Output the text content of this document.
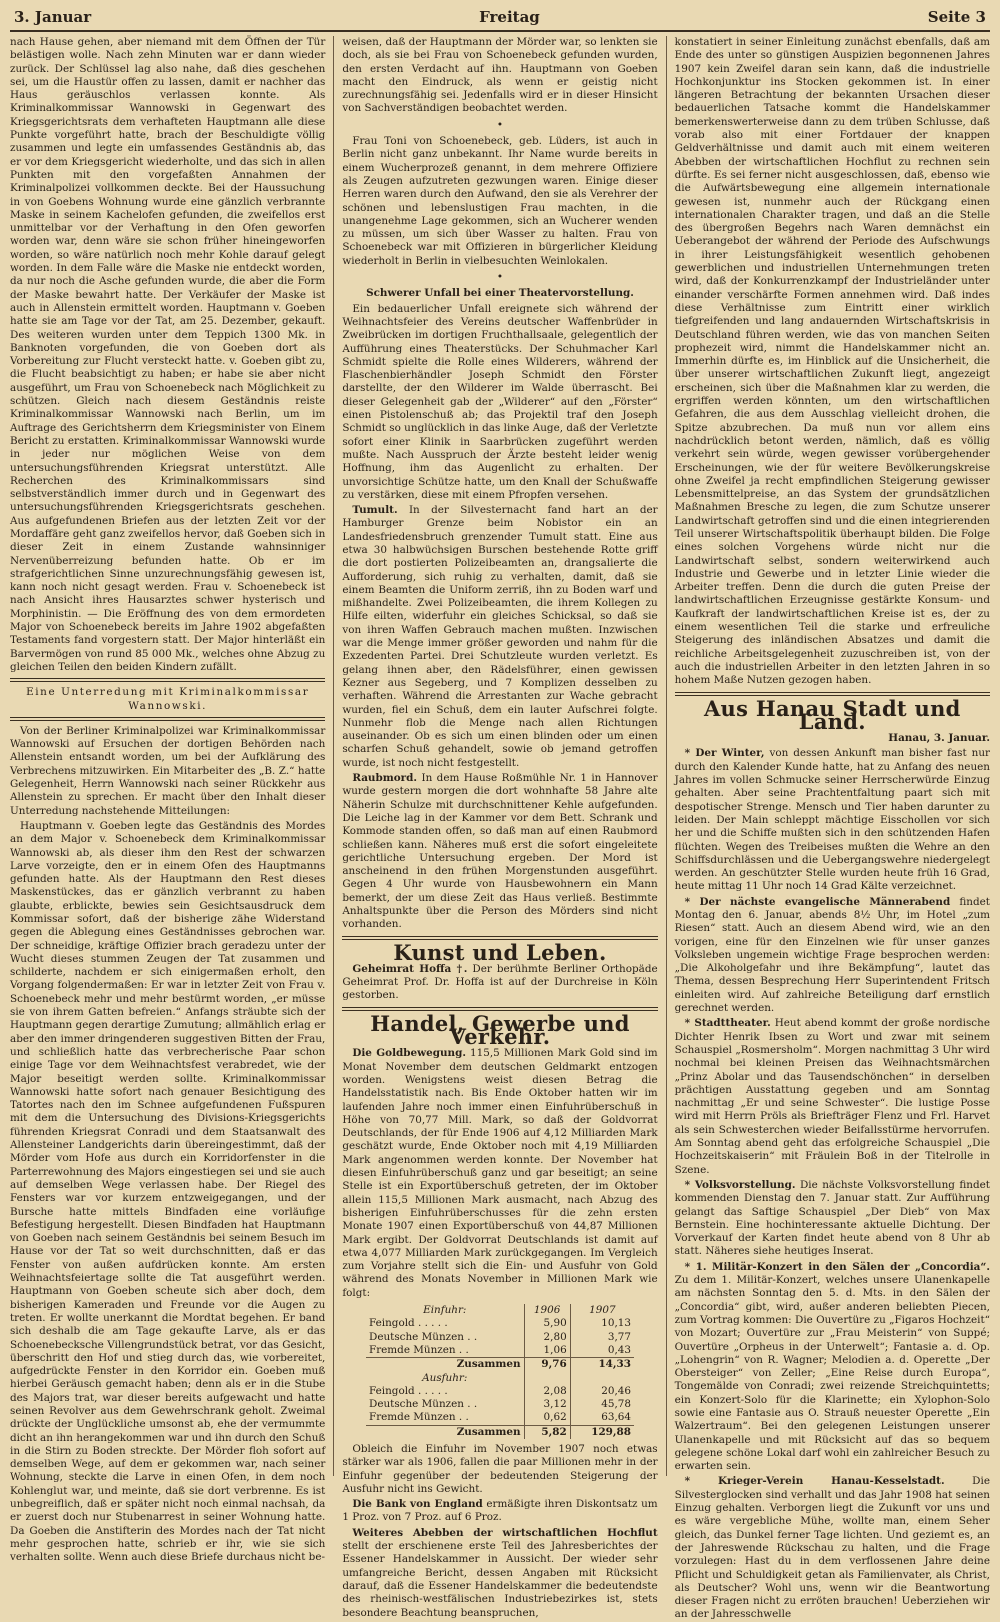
3. Januar	Freitag	Seite 3

nach Hause gehen, aber niemand mit dem Öffnen der Tür belästigen wolle. Nach zehn Minuten war er dann wieder zurück. Der Schlüssel lag also nahe, daß dies geschehen sei, um die Haustür offen zu lassen, damit er nachher das Haus geräuschlos verlassen konnte. Als Kriminalkommissar Wannowski in Gegenwart des Kriegsgerichtsrats dem verhafteten Hauptmann alle diese Punkte vorgeführt hatte, brach der Beschuldigte völlig zusammen und legte ein umfassendes Geständnis ab, das er vor dem Kriegsgericht wiederholte, und das sich in allen Punkten mit den vorgefaßten Annahmen der Kriminalpolizei vollkommen deckte. Bei der Haussuchung in von Goebens Wohnung wurde eine gänzlich verbrannte Maske in seinem Kachelofen gefunden, die zweifellos erst unmittelbar vor der Verhaftung in den Ofen geworfen worden war, denn wäre sie schon früher hineingeworfen worden, so wäre natürlich noch mehr Kohle darauf gelegt worden. In dem Falle wäre die Maske nie entdeckt worden, da nur noch die Asche gefunden wurde, die aber die Form der Maske bewahrt hatte. Der Verkäufer der Maske ist auch in Allenstein ermittelt worden. Hauptmann v. Goeben hatte sie am Tage vor der Tat, am 25. Dezember, gekauft. Des weiteren wurden unter dem Teppich 1300 Mk. in Banknoten vorgefunden, die von Goeben dort als Vorbereitung zur Flucht versteckt hatte. v. Goeben gibt zu, die Flucht beabsichtigt zu haben; er habe sie aber nicht ausgeführt, um Frau von Schoenebeck nach Möglichkeit zu schützen. Gleich nach diesem Geständnis reiste Kriminalkommissar Wannowski nach Berlin, um im Auftrage des Gerichtsherrn dem Kriegsminister von Einem Bericht zu erstatten. Kriminalkommissar Wannowski wurde in jeder nur möglichen Weise von dem untersuchungsführenden Kriegsrat unterstützt. Alle Recherchen des Kriminalkommissars sind selbstverständlich immer durch und in Gegenwart des untersuchungsführenden Kriegsgerichtsrats geschehen. Aus aufgefundenen Briefen aus der letzten Zeit vor der Mordaffäre geht ganz zweifellos hervor, daß Goeben sich in dieser Zeit in einem Zustande wahnsinniger Nervenüberreizung befunden hatte. Ob er im strafgerichtlichen Sinne unzurechnungsfähig gewesen ist, kann noch nicht gesagt werden. Frau v. Schoenebeck ist nach Ansicht ihres Hausarztes schwer hysterisch und Morphinistin. — Die Eröffnung des von dem ermordeten Major von Schoenebeck bereits im Jahre 1902 abgefaßten Testaments fand vorgestern statt. Der Major hinterläßt ein Barvermögen von rund 85 000 Mk., welches ohne Abzug zu gleichen Teilen den beiden Kindern zufällt.

Eine Unterredung mit Kriminalkommissar Wannowski.

Von der Berliner Kriminalpolizei war Kriminalkommissar Wannowski auf Ersuchen der dortigen Behörden nach Allenstein entsandt worden, um bei der Aufklärung des Verbrechens mitzuwirken. Ein Mitarbeiter des „B. Z.“ hatte Gelegenheit, Herrn Wannowski nach seiner Rückkehr aus Allenstein zu sprechen. Er macht über den Inhalt dieser Unterredung nachstehende Mitteilungen:

Hauptmann v. Goeben legte das Geständnis des Mordes an dem Major v. Schoenebeck dem Kriminalkommissar Wannowski ab, als dieser ihm den Rest der schwarzen Larve vorzeigte, den er in einem Ofen des Hauptmanns gefunden hatte. Als der Hauptmann den Rest dieses Maskenstückes, das er gänzlich verbrannt zu haben glaubte, erblickte, bewies sein Gesichtsausdruck dem Kommissar sofort, daß der bisherige zähe Widerstand gegen die Ablegung eines Geständnisses gebrochen war. Der schneidige, kräftige Offizier brach geradezu unter der Wucht dieses stummen Zeugen der Tat zusammen und schilderte, nachdem er sich einigermaßen erholt, den Vorgang folgendermaßen: Er war in letzter Zeit von Frau v. Schoenebeck mehr und mehr bestürmt worden, „er müsse sie von ihrem Gatten befreien.“ Anfangs sträubte sich der Hauptmann gegen derartige Zumutung; allmählich erlag er aber den immer dringenderen suggestiven Bitten der Frau, und schließlich hatte das verbrecherische Paar schon einige Tage vor dem Weihnachtsfest verabredet, wie der Major beseitigt werden sollte. Kriminalkommissar Wannowski hatte sofort nach genauer Besichtigung des Tatortes nach den im Schnee aufgefundenen Fußspuren mit dem die Untersuchung des Divisions-Kriegsgerichts führenden Kriegsrat Conradi und dem Staatsanwalt des Allensteiner Landgerichts darin übereingestimmt, daß der Mörder vom Hofe aus durch ein Korridorfenster in die Parterrewohnung des Majors eingestiegen sei und sie auch auf demselben Wege verlassen habe. Der Riegel des Fensters war vor kurzem entzweigegangen, und der Bursche hatte mittels Bindfaden eine vorläufige Befestigung hergestellt. Diesen Bindfaden hat Hauptmann von Goeben nach seinem Geständnis bei seinem Besuch im Hause vor der Tat so weit durchschnitten, daß er das Fenster von außen aufdrücken konnte. Am ersten Weihnachtsfeiertage sollte die Tat ausgeführt werden. Hauptmann von Goeben scheute sich aber doch, dem bisherigen Kameraden und Freunde vor die Augen zu treten. Er wollte unerkannt die Mordtat begehen. Er band sich deshalb die am Tage gekaufte Larve, als er das Schoenebecksche Villengrundstück betrat, vor das Gesicht, überschritt den Hof und stieg durch das, wie vorbereitet, aufgedrückte Fenster in den Korridor ein. Goeben muß hierbei Geräusch gemacht haben; denn als er in die Stube des Majors trat, war dieser bereits aufgewacht und hatte seinen Revolver aus dem Gewehrschrank geholt. Zweimal drückte der Unglückliche umsonst ab, ehe der vermummte dicht an ihn herangekommen war und ihn durch den Schuß in die Stirn zu Boden streckte. Der Mörder floh sofort auf demselben Wege, auf dem er gekommen war, nach seiner Wohnung, steckte die Larve in einen Ofen, in dem noch Kohlenglut war, und meinte, daß sie dort verbrenne. Es ist unbegreiflich, daß er später nicht noch einmal nachsah, da er zuerst doch nur Stubenarrest in seiner Wohnung hatte. Da Goeben die Anstifterin des Mordes nach der Tat nicht mehr gesprochen hatte, schrieb er ihr, wie sie sich verhalten sollte. Wenn auch diese Briefe durchaus nicht be-

weisen, daß der Hauptmann der Mörder war, so lenkten sie doch, als sie bei Frau von Schoenebeck gefunden wurden, den ersten Verdacht auf ihn. Hauptmann von Goeben macht den Eindruck, als wenn er geistig nicht zurechnungsfähig sei. Jedenfalls wird er in dieser Hinsicht von Sachverständigen beobachtet werden.

•

Frau Toni von Schoenebeck, geb. Lüders, ist auch in Berlin nicht ganz unbekannt. Ihr Name wurde bereits in einem Wucherprozeß genannt, in dem mehrere Offiziere als Zeugen aufzutreten gezwungen waren. Einige dieser Herren waren durch den Aufwand, den sie als Verehrer der schönen und lebenslustigen Frau machten, in die unangenehme Lage gekommen, sich an Wucherer wenden zu müssen, um sich über Wasser zu halten. Frau von Schoenebeck war mit Offizieren in bürgerlicher Kleidung wiederholt in Berlin in vielbesuchten Weinlokalen.

•

Schwerer Unfall bei einer Theatervorstellung.

Ein bedauerlicher Unfall ereignete sich während der Weihnachtsfeier des Vereins deutscher Waffenbrüder in Zweibrücken im dortigen Fruchthallsaale, gelegentlich der Aufführung eines Theaterstücks. Der Schuhmacher Karl Schmidt spielte die Rolle eines Wilderers, während der Flaschenbierhändler Joseph Schmidt den Förster darstellte, der den Wilderer im Walde überrascht. Bei dieser Gelegenheit gab der „Wilderer“ auf den „Förster“ einen Pistolenschuß ab; das Projektil traf den Joseph Schmidt so unglücklich in das linke Auge, daß der Verletzte sofort einer Klinik in Saarbrücken zugeführt werden mußte. Nach Ausspruch der Ärzte besteht leider wenig Hoffnung, ihm das Augenlicht zu erhalten. Der unvorsichtige Schütze hatte, um den Knall der Schußwaffe zu verstärken, diese mit einem Pfropfen versehen.

Tumult. In der Silvesternacht fand hart an der Hamburger Grenze beim Nobistor ein an Landesfriedensbruch grenzender Tumult statt. Eine aus etwa 30 halbwüchsigen Burschen bestehende Rotte griff die dort postierten Polizeibeamten an, drangsalierte die Aufforderung, sich ruhig zu verhalten, damit, daß sie einem Beamten die Uniform zerriß, ihn zu Boden warf und mißhandelte. Zwei Polizeibeamten, die ihrem Kollegen zu Hilfe eilten, widerfuhr ein gleiches Schicksal, so daß sie von ihren Waffen Gebrauch machen mußten. Inzwischen war die Menge immer größer geworden und nahm für die Exzedenten Partei. Drei Schutzleute wurden verletzt. Es gelang ihnen aber, den Rädelsführer, einen gewissen Kezner aus Segeberg, und 7 Komplizen desselben zu verhaften. Während die Arrestanten zur Wache gebracht wurden, fiel ein Schuß, dem ein lauter Aufschrei folgte. Nunmehr flob die Menge nach allen Richtungen auseinander. Ob es sich um einen blinden oder um einen scharfen Schuß gehandelt, sowie ob jemand getroffen wurde, ist noch nicht festgestellt.

Raubmord. In dem Hause Roßmühle Nr. 1 in Hannover wurde gestern morgen die dort wohnhafte 58 Jahre alte Näherin Schulze mit durchschnittener Kehle aufgefunden. Die Leiche lag in der Kammer vor dem Bett. Schrank und Kommode standen offen, so daß man auf einen Raubmord schließen kann. Näheres muß erst die sofort eingeleitete gerichtliche Untersuchung ergeben. Der Mord ist anscheinend in den frühen Morgenstunden ausgeführt. Gegen 4 Uhr wurde von Hausbewohnern ein Mann bemerkt, der um diese Zeit das Haus verließ. Bestimmte Anhaltspunkte über die Person des Mörders sind nicht vorhanden.

Kunst und Leben.

Geheimrat Hoffa †. Der berühmte Berliner Orthopäde Geheimrat Prof. Dr. Hoffa ist auf der Durchreise in Köln gestorben.

Handel, Gewerbe und Verkehr.

Die Goldbewegung. 115,5 Millionen Mark Gold sind im Monat November dem deutschen Geldmarkt entzogen worden. Wenigstens weist diesen Betrag die Handelsstatistik nach. Bis Ende Oktober hatten wir im laufenden Jahre noch immer einen Einfuhrüberschuß in Höhe von 70,77 Mill. Mark, so daß der Goldvorrat Deutschlands, der für Ende 1906 auf 4,12 Milliarden Mark geschätzt wurde, Ende Oktober noch mit 4,19 Milliarden Mark angenommen werden konnte. Der November hat diesen Einfuhrüberschuß ganz und gar beseitigt; an seine Stelle ist ein Exportüberschuß getreten, der im Oktober allein 115,5 Millionen Mark ausmacht, nach Abzug des bisherigen Einfuhrüberschusses für die zehn ersten Monate 1907 einen Exportüberschuß von 44,87 Millionen Mark ergibt. Der Goldvorrat Deutschlands ist damit auf etwa 4,077 Milliarden Mark zurückgegangen. Im Vergleich zum Vorjahre stellt sich die Ein- und Ausfuhr von Gold während des Monats November in Millionen Mark wie folgt:

Einfuhr:	1906	1907
Feingold . . . . .	5,90	10,13
Deutsche Münzen . .	2,80	3,77
Fremde Münzen . .	1,06	0,43
Zusammen	9,76	14,33
Ausfuhr:		
Feingold . . . . .	2,08	20,46
Deutsche Münzen . .	3,12	45,78
Fremde Münzen . .	0,62	63,64
Zusammen	5,82	129,88

Obleich die Einfuhr im November 1907 noch etwas stärker war als 1906, fallen die paar Millionen mehr in der Einfuhr gegenüber der bedeutenden Steigerung der Ausfuhr nicht ins Gewicht.

Die Bank von England ermäßigte ihren Diskontsatz um 1 Proz. von 7 Proz. auf 6 Proz.

Weiteres Abebben der wirtschaftlichen Hochflut stellt der erschienene erste Teil des Jahresberichtes der Essener Handelskammer in Aussicht. Der wieder sehr umfangreiche Bericht, dessen Angaben mit Rücksicht darauf, daß die Essener Handelskammer die bedeutendste des rheinisch-westfälischen Industriebezirkes ist, stets besondere Beachtung beanspruchen,

konstatiert in seiner Einleitung zunächst ebenfalls, daß am Ende des unter so günstigen Auspizien begonnenen Jahres 1907 kein Zweifel daran sein kann, daß die industrielle Hochkonjunktur ins Stocken gekommen ist. In einer längeren Betrachtung der bekannten Ursachen dieser bedauerlichen Tatsache kommt die Handelskammer bemerkenswerterweise dann zu dem trüben Schlusse, daß vorab also mit einer Fortdauer der knappen Geldverhältnisse und damit auch mit einem weiteren Abebben der wirtschaftlichen Hochflut zu rechnen sein dürfte. Es sei ferner nicht ausgeschlossen, daß, ebenso wie die Aufwärtsbewegung eine allgemein internationale gewesen ist, nunmehr auch der Rückgang einen internationalen Charakter tragen, und daß an die Stelle des übergroßen Begehrs nach Waren demnächst ein Ueberangebot der während der Periode des Aufschwungs in ihrer Leistungsfähigkeit wesentlich gehobenen gewerblichen und industriellen Unternehmungen treten wird, daß der Konkurrenzkampf der Industrieländer unter einander verschärfte Formen annehmen wird. Daß indes diese Verhältnisse zum Eintritt einer wirklich tiefgreifenden und lang andauernden Wirtschaftskrisis in Deutschland führen werden, wie das von manchen Seiten prophezeit wird, nimmt die Handelskammer nicht an. Immerhin dürfte es, im Hinblick auf die Unsicherheit, die über unserer wirtschaftlichen Zukunft liegt, angezeigt erscheinen, sich über die Maßnahmen klar zu werden, die ergriffen werden könnten, um den wirtschaftlichen Gefahren, die aus dem Ausschlag vielleicht drohen, die Spitze abzubrechen. Da muß nun vor allem eins nachdrücklich betont werden, nämlich, daß es völlig verkehrt sein würde, wegen gewisser vorübergehender Erscheinungen, wie der für weitere Bevölkerungskreise ohne Zweifel ja recht empfindlichen Steigerung gewisser Lebensmittelpreise, an das System der grundsätzlichen Maßnahmen Bresche zu legen, die zum Schutze unserer Landwirtschaft getroffen sind und die einen integrierenden Teil unserer Wirtschaftspolitik überhaupt bilden. Die Folge eines solchen Vorgehens würde nicht nur die Landwirtschaft selbst, sondern weiterwirkend auch Industrie und Gewerbe und in letzter Linie wieder die Arbeiter treffen. Denn die durch die guten Preise der landwirtschaftlichen Erzeugnisse gestärkte Konsum- und Kaufkraft der landwirtschaftlichen Kreise ist es, der zu einem wesentlichen Teil die starke und erfreuliche Steigerung des inländischen Absatzes und damit die reichliche Arbeitsgelegenheit zuzuschreiben ist, von der auch die industriellen Arbeiter in den letzten Jahren in so hohem Maße Nutzen gezogen haben.

Aus Hanau Stadt und Land.

Hanau, 3. Januar.

* Der Winter, von dessen Ankunft man bisher fast nur durch den Kalender Kunde hatte, hat zu Anfang des neuen Jahres im vollen Schmucke seiner Herrscherwürde Einzug gehalten. Aber seine Prachtentfaltung paart sich mit despotischer Strenge. Mensch und Tier haben darunter zu leiden. Der Main schleppt mächtige Eisschollen vor sich her und die Schiffe mußten sich in den schützenden Hafen flüchten. Wegen des Treibeises mußten die Wehre an den Schiffsdurchlässen und die Uebergangswehre niedergelegt werden. An geschützter Stelle wurden heute früh 16 Grad, heute mittag 11 Uhr noch 14 Grad Kälte verzeichnet.

* Der nächste evangelische Männerabend findet Montag den 6. Januar, abends 8½ Uhr, im Hotel „zum Riesen“ statt. Auch an diesem Abend wird, wie an den vorigen, eine für den Einzelnen wie für unser ganzes Volksleben ungemein wichtige Frage besprochen werden: „Die Alkoholgefahr und ihre Bekämpfung“, lautet das Thema, dessen Besprechung Herr Superintendent Fritsch einleiten wird. Auf zahlreiche Beteiligung darf ernstlich gerechnet werden.

* Stadttheater. Heut abend kommt der große nordische Dichter Henrik Ibsen zu Wort und zwar mit seinem Schauspiel „Rosmersholm“. Morgen nachmittag 3 Uhr wird nochmal bei kleinen Preisen das Weihnachtsmärchen „Prinz Abolar und das Tausendschönchen“ in derselben prächtigen Ausstattung gegeben und am Sonntag nachmittag „Er und seine Schwester“. Die lustige Posse wird mit Herrn Pröls als Briefträger Flenz und Frl. Harvet als sein Schwesterchen wieder Beifallsstürme hervorrufen. Am Sonntag abend geht das erfolgreiche Schauspiel „Die Hochzeitskaiserin“ mit Fräulein Boß in der Titelrolle in Szene.

* Volksvorstellung. Die nächste Volksvorstellung findet kommenden Dienstag den 7. Januar statt. Zur Aufführung gelangt das Saftige Schauspiel „Der Dieb“ von Max Bernstein. Eine hochinteressante aktuelle Dichtung. Der Vorverkauf der Karten findet heute abend von 8 Uhr ab statt. Näheres siehe heutiges Inserat.

* 1. Militär-Konzert in den Sälen der „Concordia“. Zu dem 1. Militär-Konzert, welches unsere Ulanenkapelle am nächsten Sonntag den 5. d. Mts. in den Sälen der „Concordia“ gibt, wird, außer anderen beliebten Piecen, zum Vortrag kommen: Die Ouvertüre zu „Figaros Hochzeit“ von Mozart; Ouvertüre zur „Frau Meisterin“ von Suppé; Ouvertüre „Orpheus in der Unterwelt“; Fantasie a. d. Op. „Lohengrin“ von R. Wagner; Melodien a. d. Operette „Der Obersteiger“ von Zeller; „Eine Reise durch Europa“, Tongemälde von Conradi; zwei reizende Streichquintetts; ein Konzert-Solo für die Klarinette; ein Xylophon-Solo sowie eine Fantasie aus O. Strauß neuester Operette „Ein Walzertraum“. Bei den gelegenen Leistungen unserer Ulanenkapelle und mit Rücksicht auf das so bequem gelegene schöne Lokal darf wohl ein zahlreicher Besuch zu erwarten sein.

* Krieger-Verein Hanau-Kesselstadt.	Die Silvesterglocken sind verhallt und das Jahr 1908 hat seinen Einzug gehalten. Verborgen liegt die Zukunft vor uns und es wäre vergebliche Mühe, wollte man, einem Seher gleich, das Dunkel ferner Tage lichten. Und geziemt es, an der Jahreswende Rückschau zu halten, und die Frage vorzulegen: Hast du in dem verflossenen Jahre deine Pflicht und Schuldigkeit getan als Familienvater, als Christ, als Deutscher? Wohl uns, wenn wir die Beantwortung dieser Fragen nicht zu erröten brauchen! Ueberziehen wir an der Jahresschwelle
